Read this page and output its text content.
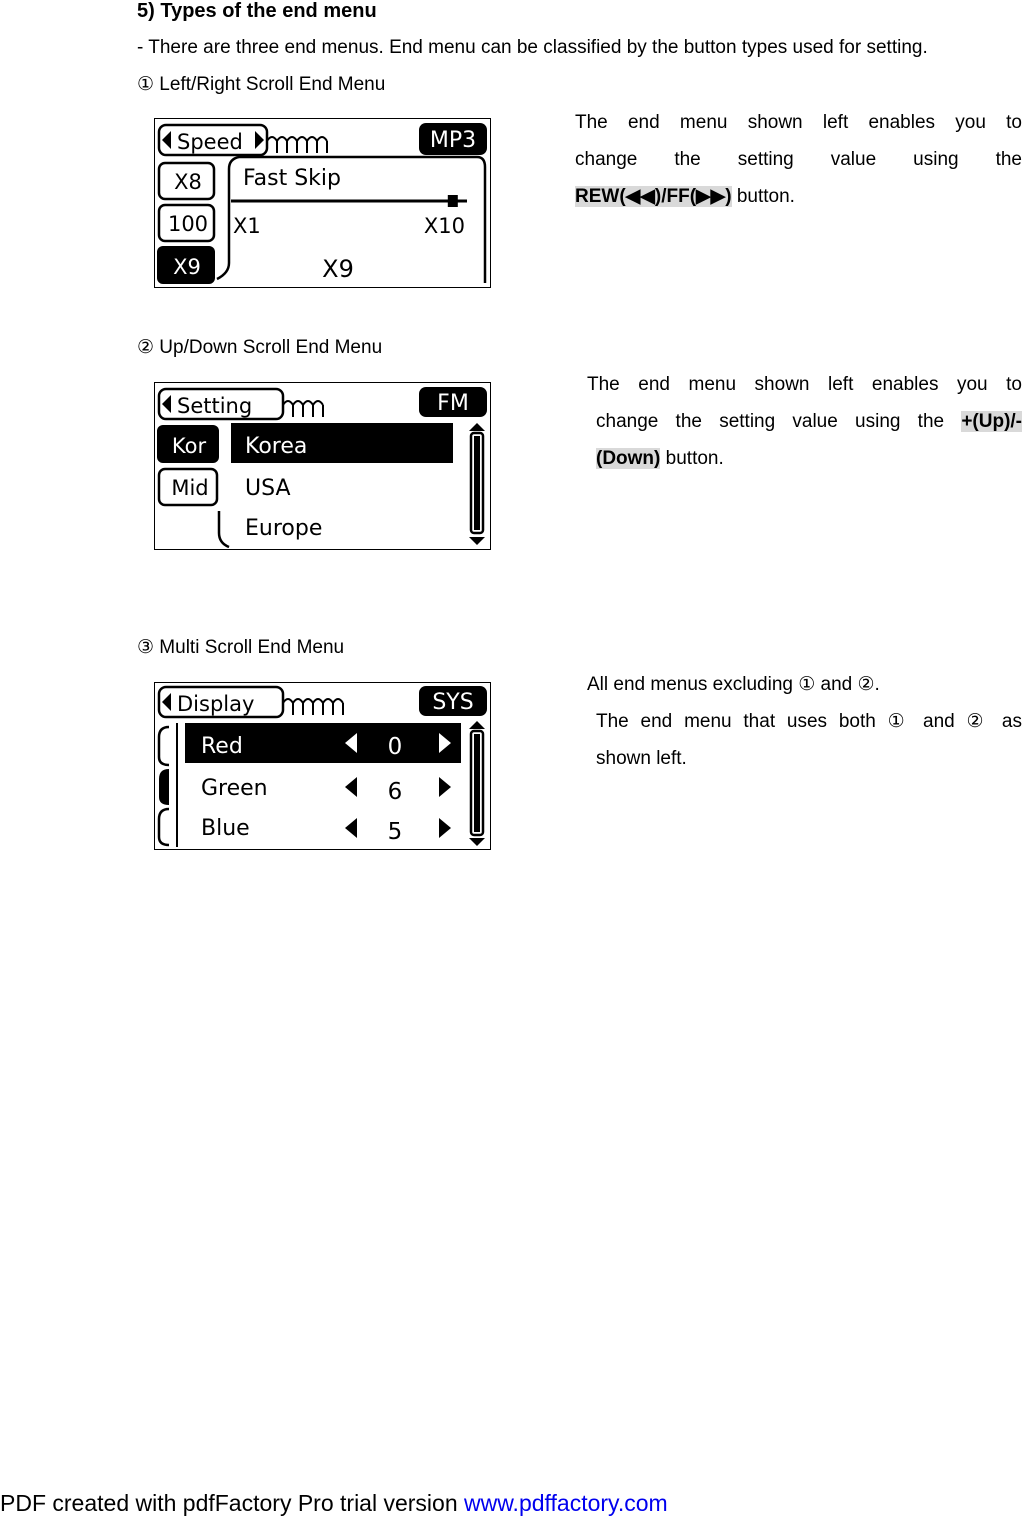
5) Types of the end menu
- There are three end menus. End menu can be classified by the button types used for setting.
① Left/Right Scroll End Menu
Speed	MP3
X8
100
X9
Fast Skip
X1	X10
X9
The end menu shown left enables you to
change the setting value using the
REW(◀◀)/FF(▶▶) button.
② Up/Down Scroll End Menu
Setting	FM
Kor
Mid
Korea
USA
Europe
The end menu shown left enables you to
change the setting value using the +(Up)/-
(Down) button.
③ Multi Scroll End Menu
Display	SYS
Red	0
Green	6
Blue	5
All end menus excluding ① and ②.
The end menu that uses both ① and ② as
shown left.
PDF created with pdfFactory Pro trial version www.pdffactory.com
